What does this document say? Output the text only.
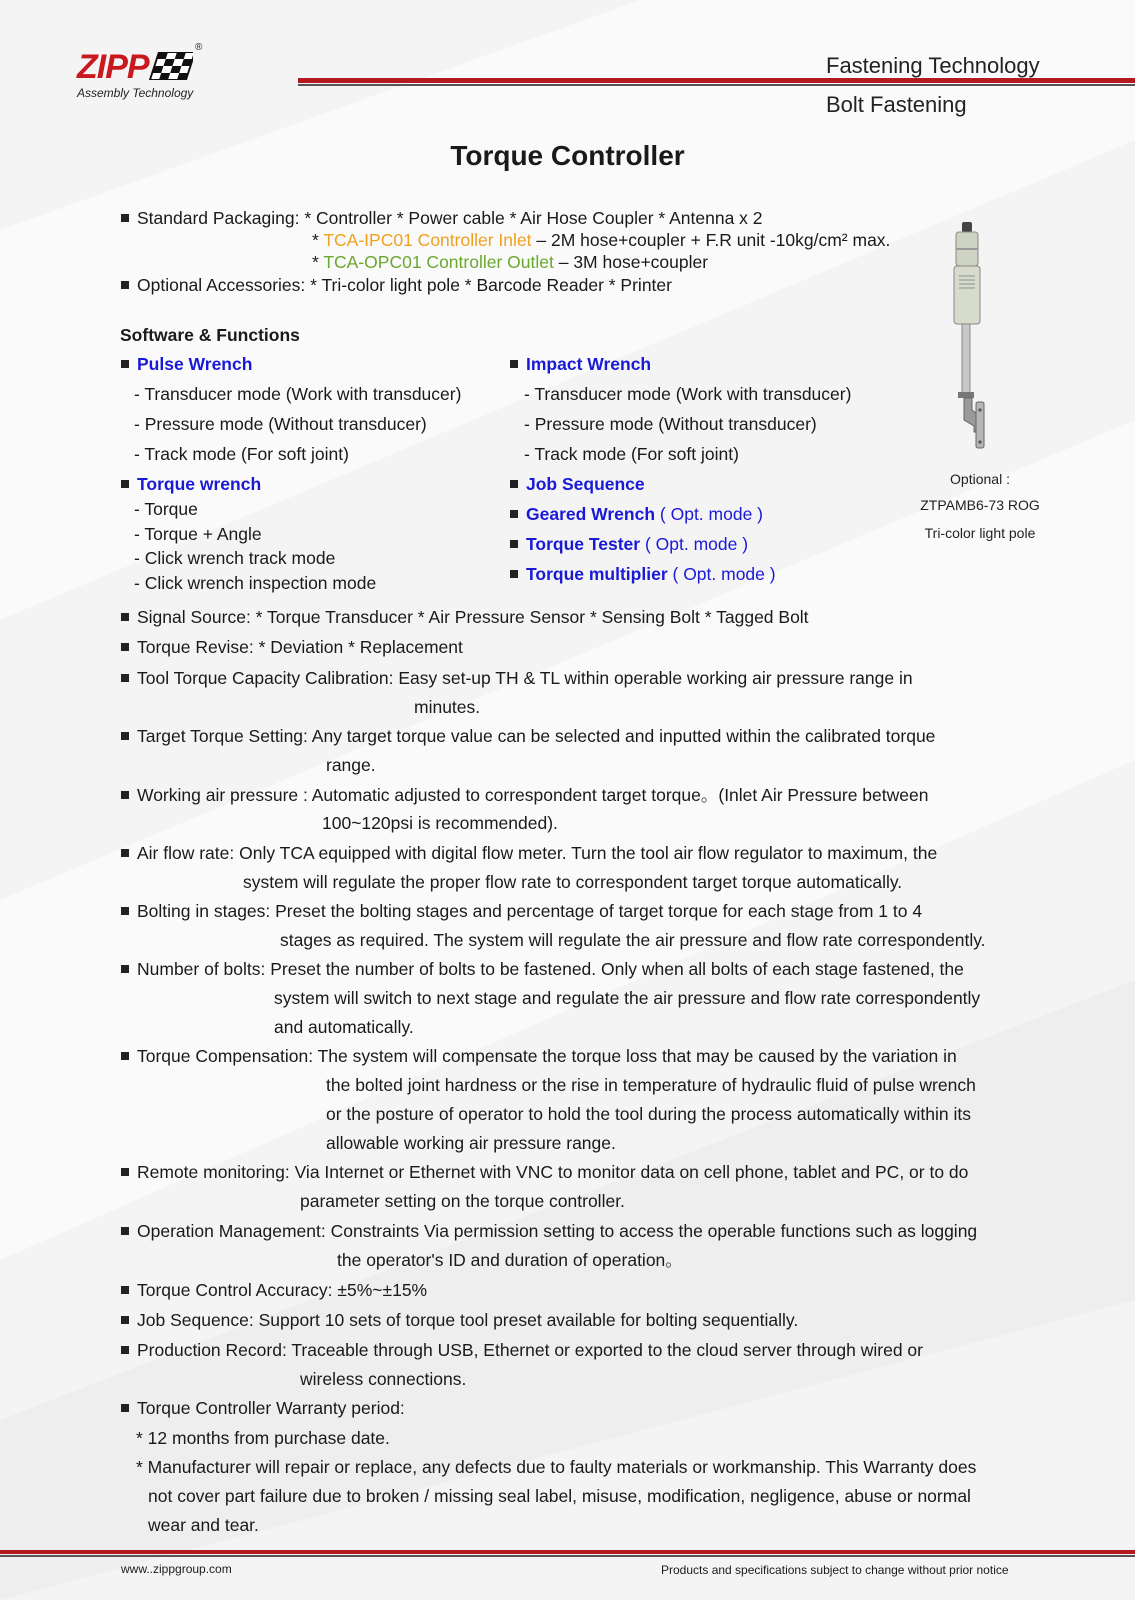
ZIPP
®
Assembly Technology
Fastening Technology
Bolt Fastening
Torque Controller
Standard Packaging: * Controller * Power cable * Air Hose Coupler * Antenna x 2
* TCA-IPC01 Controller Inlet – 2M hose+coupler + F.R unit -10kg/cm² max.
* TCA-OPC01 Controller Outlet – 3M hose+coupler
Optional Accessories: * Tri-color light pole * Barcode Reader * Printer
Software & Functions
Pulse Wrench
- Transducer mode (Work with transducer)
- Pressure mode (Without transducer)
- Track mode (For soft joint)
Torque wrench
- Torque
- Torque + Angle
- Click wrench track mode
- Click wrench inspection mode
Impact Wrench
- Transducer mode (Work with transducer)
- Pressure mode (Without transducer)
- Track mode (For soft joint)
Job Sequence
Geared Wrench ( Opt. mode )
Torque Tester ( Opt. mode )
Torque multiplier ( Opt. mode )
Optional :
ZTPAMB6-73 ROG
Tri-color light pole
Signal Source: * Torque Transducer * Air Pressure Sensor * Sensing Bolt * Tagged Bolt
Torque Revise: * Deviation * Replacement
Tool Torque Capacity Calibration: Easy set-up TH & TL within operable working air pressure range in
minutes.
Target Torque Setting: Any target torque value can be selected and inputted within the calibrated torque
range.
Working air pressure : Automatic adjusted to correspondent target torque。(Inlet Air Pressure between
100~120psi is recommended).
Air flow rate: Only TCA equipped with digital flow meter. Turn the tool air flow regulator to maximum, the
system will regulate the proper flow rate to correspondent target torque automatically.
Bolting in stages: Preset the bolting stages and percentage of target torque for each stage from 1 to 4
stages as required. The system will regulate the air pressure and flow rate correspondently.
Number of bolts: Preset the number of bolts to be fastened. Only when all bolts of each stage fastened, the
system will switch to next stage and regulate the air pressure and flow rate correspondently
and automatically.
Torque Compensation: The system will compensate the torque loss that may be caused by the variation in
the bolted joint hardness or the rise in temperature of hydraulic fluid of pulse wrench
or the posture of operator to hold the tool during the process automatically within its
allowable working air pressure range.
Remote monitoring: Via Internet or Ethernet with VNC to monitor data on cell phone, tablet and PC, or to do
parameter setting on the torque controller.
Operation Management: Constraints Via permission setting to access the operable functions such as logging
the operator's ID and duration of operation。
Torque Control Accuracy: ±5%~±15%
Job Sequence: Support 10 sets of torque tool preset available for bolting sequentially.
Production Record: Traceable through USB, Ethernet or exported to the cloud server through wired or
wireless connections.
Torque Controller Warranty period:
* 12 months from purchase date.
* Manufacturer will repair or replace, any defects due to faulty materials or workmanship. This Warranty does
not cover part failure due to broken / missing seal label, misuse, modification, negligence, abuse or normal
wear and tear.
www..zippgroup.com	Products and specifications subject to change without prior notice
